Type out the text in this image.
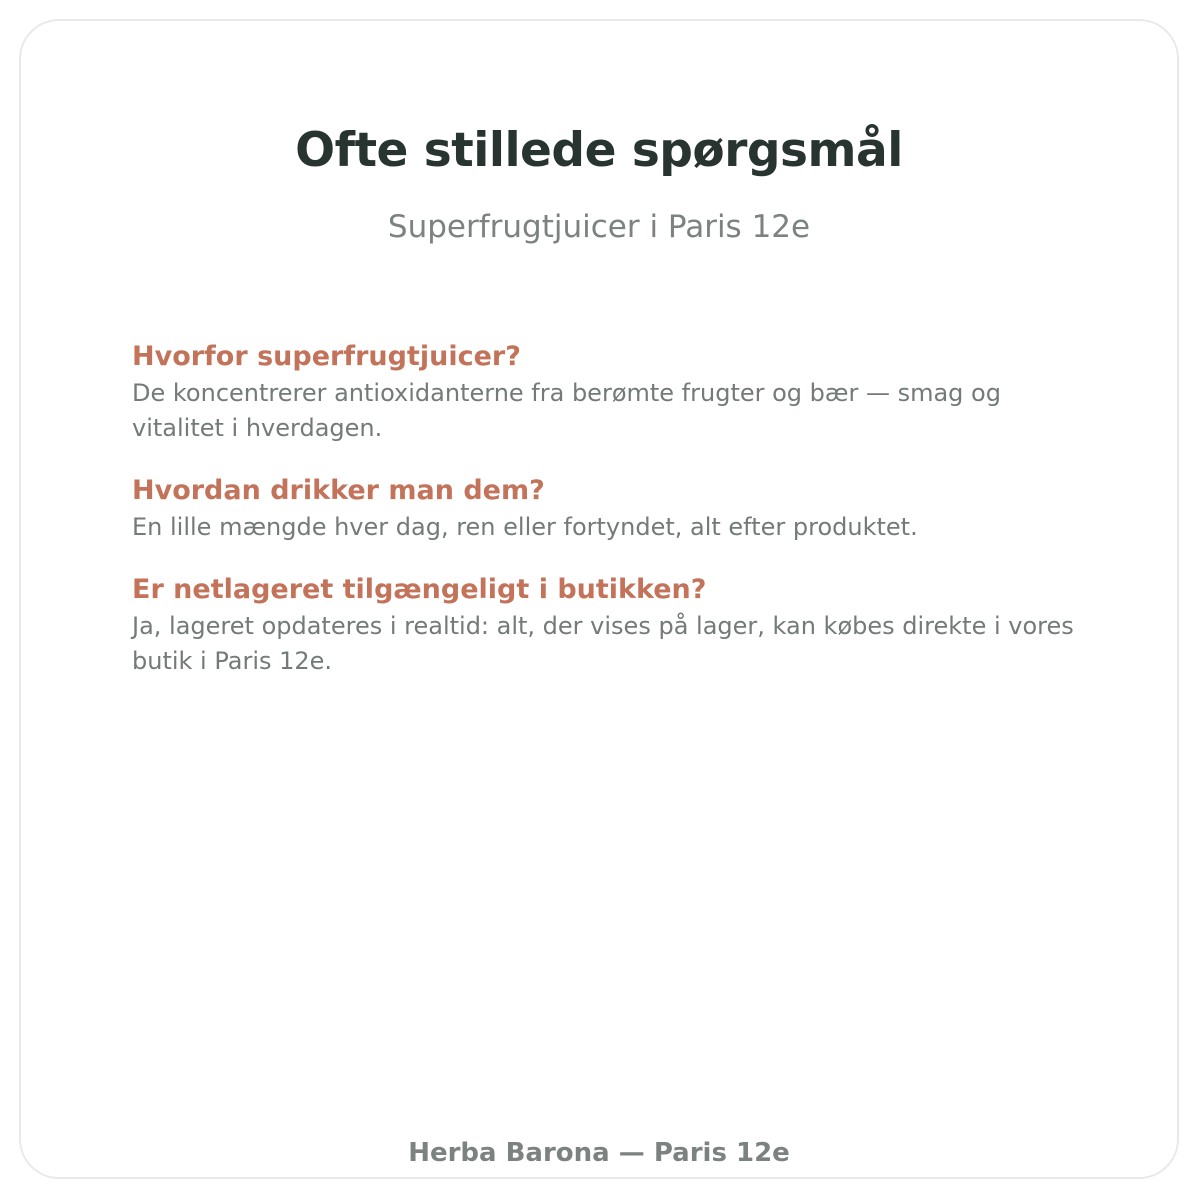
Ofte stillede spørgsmål

Superfrugtjuicer i Paris 12e

Hvorfor superfrugtjuicer?

De koncentrerer antioxidanterne fra berømte frugter og bær — smag og vitalitet i hverdagen.

Hvordan drikker man dem?

En lille mængde hver dag, ren eller fortyndet, alt efter produktet.

Er netlageret tilgængeligt i butikken?

Ja, lageret opdateres i realtid: alt, der vises på lager, kan købes direkte i vores butik i Paris 12e.

Herba Barona — Paris 12e
